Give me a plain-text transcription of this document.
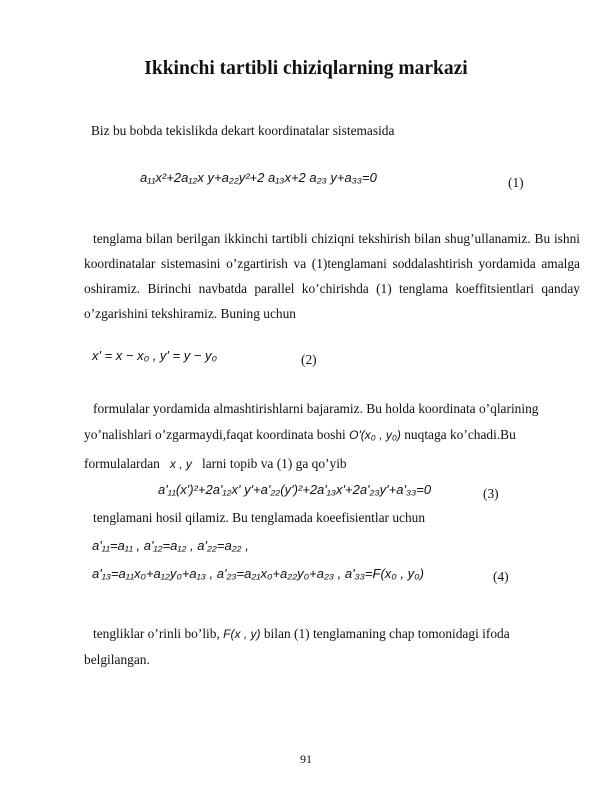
Ikkinchi tartibli chiziqlarning markazi
Biz bu bobda tekislikda dekart koordinatalar sistemasida
a₁₁x²+2a₁₂x y+a₂₂y²+2 a₁₃x+2 a₂₃ y+a₃₃=0	(1)
tenglama bilan berilgan ikkinchi tartibli chiziqni tekshirish bilan shug’ullanamiz. Bu ishni koordinatalar sistemasini o’zgartirish va (1)tenglamani soddalashtirish yordamida amalga oshiramiz. Birinchi navbatda parallel ko’chirishda (1) tenglama koeffitsientlari qanday o’zgarishini tekshiramiz. Buning uchun
x' = x − x₀ , y' = y − y₀	(2)
formulalar yordamida almashtirishlarni bajaramiz. Bu holda koordinata o’qlarining
yo’nalishlari o’zgarmaydi,faqat koordinata boshi O'(x₀ , y₀) nuqtaga ko’chadi.Bu
formulalardan x , y larni topib va (1) ga qo’yib
a'₁₁(x')²+2a'₁₂x' y'+a'₂₂(y')²+2a'₁₃x'+2a'₂₃y'+a'₃₃=0	(3)
tenglamani hosil qilamiz. Bu tenglamada koeefisientlar uchun
a'₁₁=a₁₁ , a'₁₂=a₁₂ , a'₂₂=a₂₂ ,
a'₁₃=a₁₁x₀+a₁₂y₀+a₁₃ , a'₂₃=a₂₁x₀+a₂₂y₀+a₂₃ , a'₃₃=F(x₀ , y₀)	(4)
tengliklar o’rinli bo’lib, F(x , y) bilan (1) tenglamaning chap tomonidagi ifoda
belgilangan.
91
